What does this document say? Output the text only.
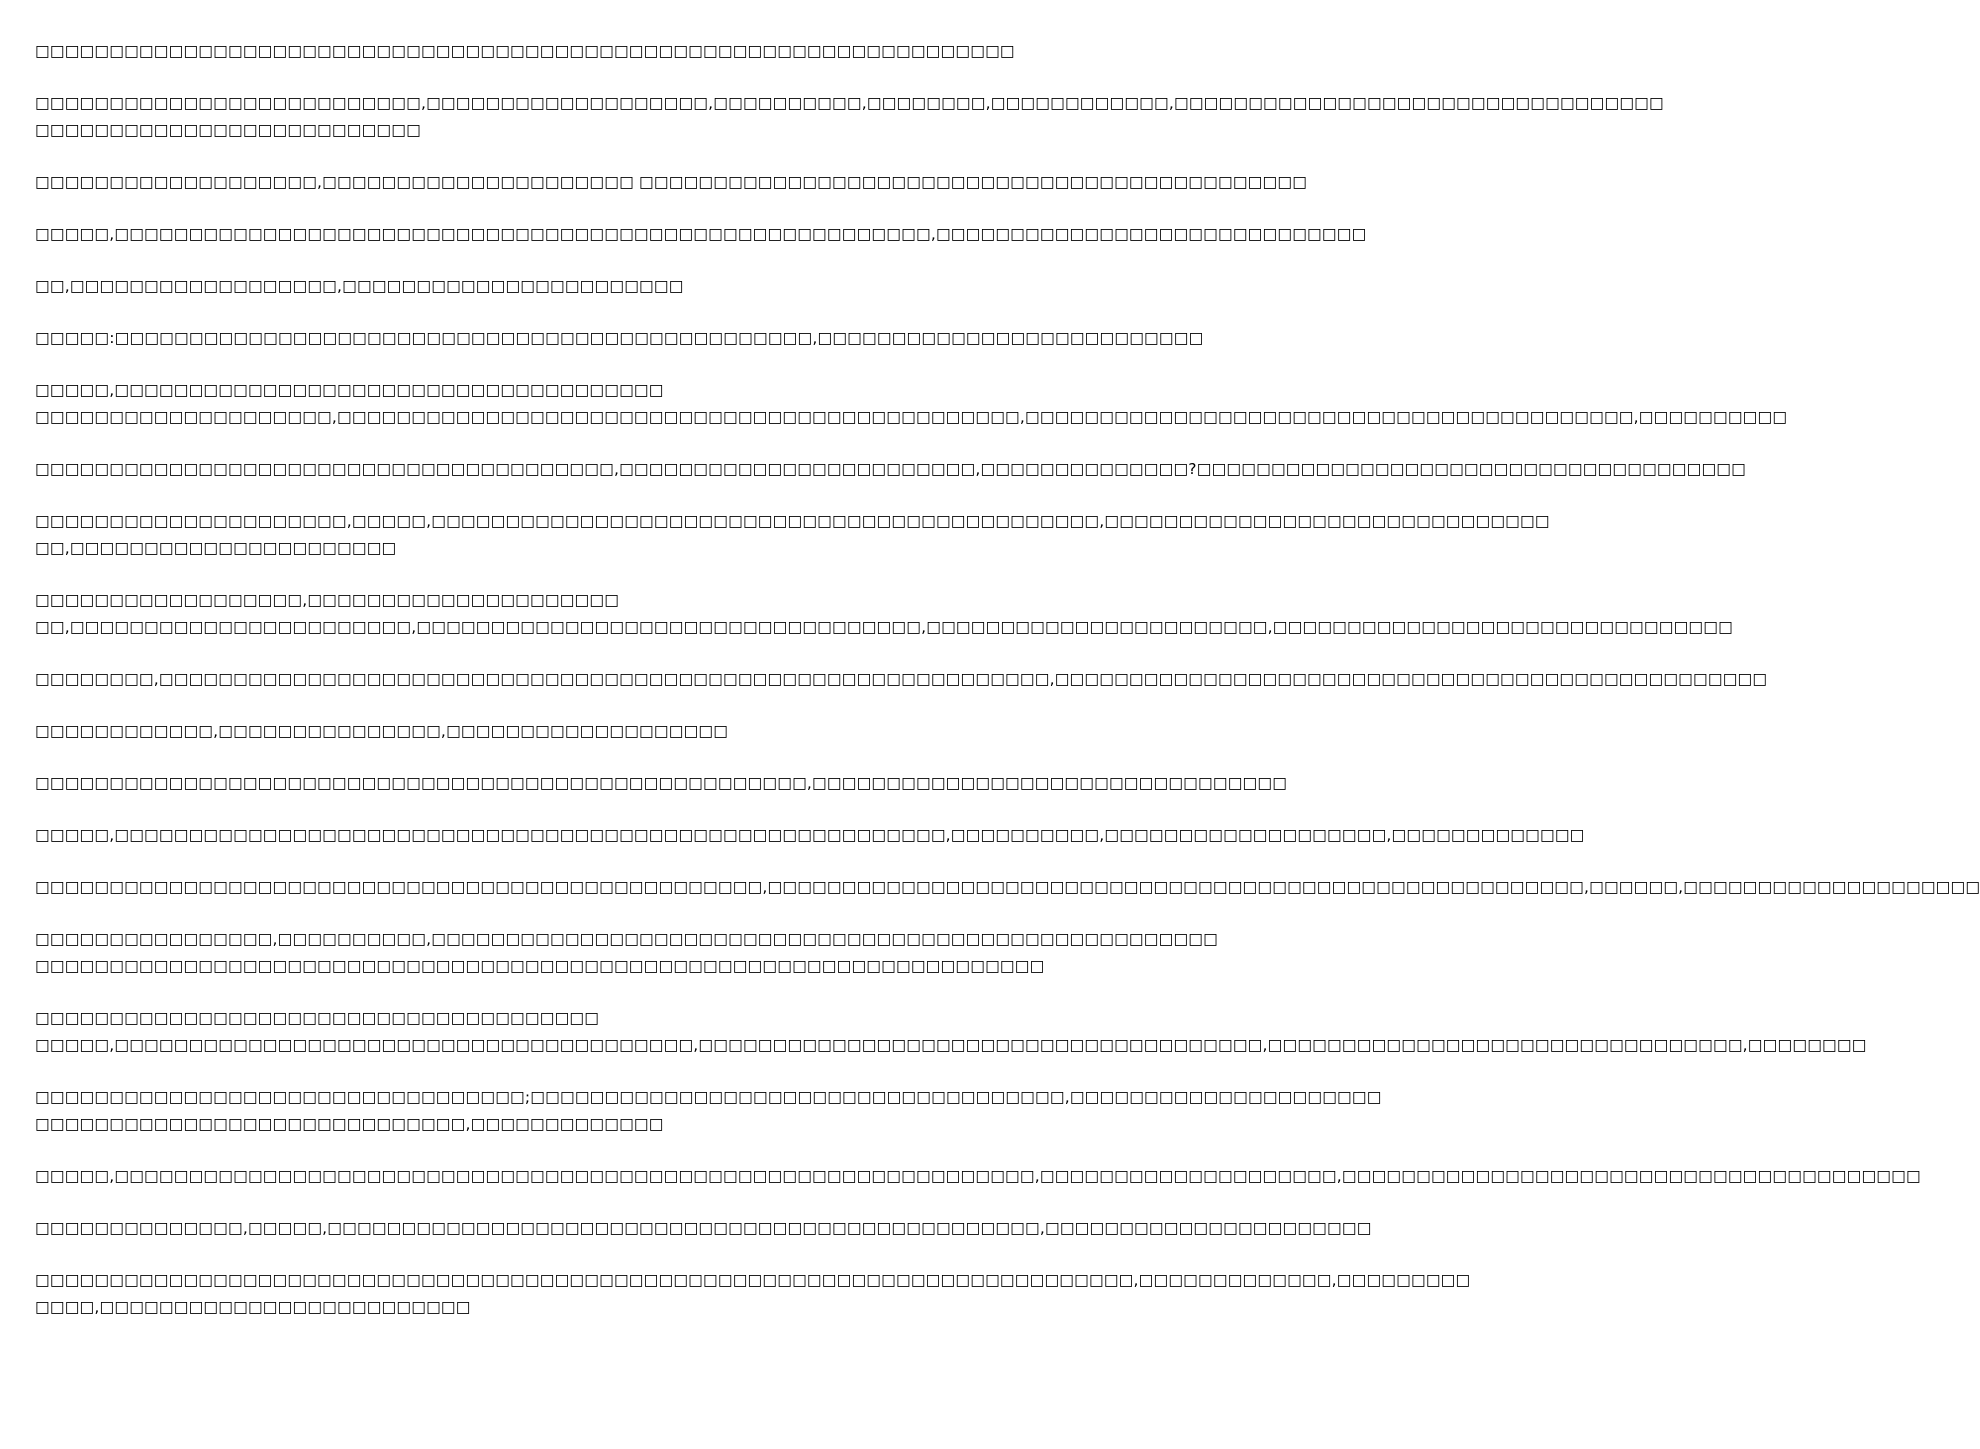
□□□□□□□□□□□□□□□□□□□□□□□□□□□□□□□□□□□□□□□□□□□□□□□□□□□□□□□□□□□□□□□□□□

□□□□□□□□□□□□□□□□□□□□□□□□□□,□□□□□□□□□□□□□□□□□□□,□□□□□□□□□□,□□□□□□□□,□□□□□□□□□□□□,□□□□□□□□□□□□□□□□□□□□□□□□□□□□□□□□□
□□□□□□□□□□□□□□□□□□□□□□□□□□

□□□□□□□□□□□□□□□□□□□,□□□□□□□□□□□□□□□□□□□□□ □□□□□□□□□□□□□□□□□□□□□□□□□□□□□□□□□□□□□□□□□□□□□

□□□□□,□□□□□□□□□□□□□□□□□□□□□□□□□□□□□□□□□□□□□□□□□□□□□□□□□□□□□□□,□□□□□□□□□□□□□□□□□□□□□□□□□□□□□

□□,□□□□□□□□□□□□□□□□□□,□□□□□□□□□□□□□□□□□□□□□□□

□□□□□:□□□□□□□□□□□□□□□□□□□□□□□□□□□□□□□□□□□□□□□□□□□□□□□,□□□□□□□□□□□□□□□□□□□□□□□□□□

□□□□□,□□□□□□□□□□□□□□□□□□□□□□□□□□□□□□□□□□□□□
□□□□□□□□□□□□□□□□□□□□,□□□□□□□□□□□□□□□□□□□□□□□□□□□□□□□□□□□□□□□□□□□□□□,□□□□□□□□□□□□□□□□□□□□□□□□□□□□□□□□□□□□□□□□□,□□□□□□□□□□

□□□□□□□□□□□□□□□□□□□□□□□□□□□□□□□□□□□□□□□,□□□□□□□□□□□□□□□□□□□□□□□□,□□□□□□□□□□□□□□?□□□□□□□□□□□□□□□□□□□□□□□□□□□□□□□□□□□□□

□□□□□□□□□□□□□□□□□□□□□,□□□□□,□□□□□□□□□□□□□□□□□□□□□□□□□□□□□□□□□□□□□□□□□□□□□,□□□□□□□□□□□□□□□□□□□□□□□□□□□□□□
□□,□□□□□□□□□□□□□□□□□□□□□□

□□□□□□□□□□□□□□□□□□,□□□□□□□□□□□□□□□□□□□□□
□□,□□□□□□□□□□□□□□□□□□□□□□□,□□□□□□□□□□□□□□□□□□□□□□□□□□□□□□□□□□,□□□□□□□□□□□□□□□□□□□□□□□,□□□□□□□□□□□□□□□□□□□□□□□□□□□□□□□

□□□□□□□□,□□□□□□□□□□□□□□□□□□□□□□□□□□□□□□□□□□□□□□□□□□□□□□□□□□□□□□□□□□□□,□□□□□□□□□□□□□□□□□□□□□□□□□□□□□□□□□□□□□□□□□□□□□□□□

□□□□□□□□□□□□,□□□□□□□□□□□□□□□,□□□□□□□□□□□□□□□□□□□

□□□□□□□□□□□□□□□□□□□□□□□□□□□□□□□□□□□□□□□□□□□□□□□□□□□□,□□□□□□□□□□□□□□□□□□□□□□□□□□□□□□□□

□□□□□,□□□□□□□□□□□□□□□□□□□□□□□□□□□□□□□□□□□□□□□□□□□□□□□□□□□□□□□□,□□□□□□□□□□,□□□□□□□□□□□□□□□□□□□,□□□□□□□□□□□□□

□□□□□□□□□□□□□□□□□□□□□□□□□□□□□□□□□□□□□□□□□□□□□□□□□,□□□□□□□□□□□□□□□□□□□□□□□□□□□□□□□□□□□□□□□□□□□□□□□□□□□□□□□,□□□□□□,□□□□□□□□□□□□□□□□□□□□

□□□□□□□□□□□□□□□□,□□□□□□□□□□,□□□□□□□□□□□□□□□□□□□□□□□□□□□□□□□□□□□□□□□□□□□□□□□□□□□□□
□□□□□□□□□□□□□□□□□□□□□□□□□□□□□□□□□□□□□□□□□□□□□□□□□□□□□□□□□□□□□□□□□□□□

□□□□□□□□□□□□□□□□□□□□□□□□□□□□□□□□□□□□□□
□□□□□,□□□□□□□□□□□□□□□□□□□□□□□□□□□□□□□□□□□□□□□,□□□□□□□□□□□□□□□□□□□□□□□□□□□□□□□□□□□□□□,□□□□□□□□□□□□□□□□□□□□□□□□□□□□□□□□,□□□□□□□□

□□□□□□□□□□□□□□□□□□□□□□□□□□□□□□□□□;□□□□□□□□□□□□□□□□□□□□□□□□□□□□□□□□□□□□,□□□□□□□□□□□□□□□□□□□□□
□□□□□□□□□□□□□□□□□□□□□□□□□□□□□,□□□□□□□□□□□□□

□□□□□,□□□□□□□□□□□□□□□□□□□□□□□□□□□□□□□□□□□□□□□□□□□□□□□□□□□□□□□□□□□□□□,□□□□□□□□□□□□□□□□□□□□,□□□□□□□□□□□□□□□□□□□□□□□□□□□□□□□□□□□□□□□

□□□□□□□□□□□□□□,□□□□□,□□□□□□□□□□□□□□□□□□□□□□□□□□□□□□□□□□□□□□□□□□□□□□□□,□□□□□□□□□□□□□□□□□□□□□□

□□□□□□□□□□□□□□□□□□□□□□□□□□□□□□□□□□□□□□□□□□□□□□□□□□□□□□□□□□□□□□□□□□□□□□□□□□,□□□□□□□□□□□□□,□□□□□□□□□
□□□□,□□□□□□□□□□□□□□□□□□□□□□□□□
